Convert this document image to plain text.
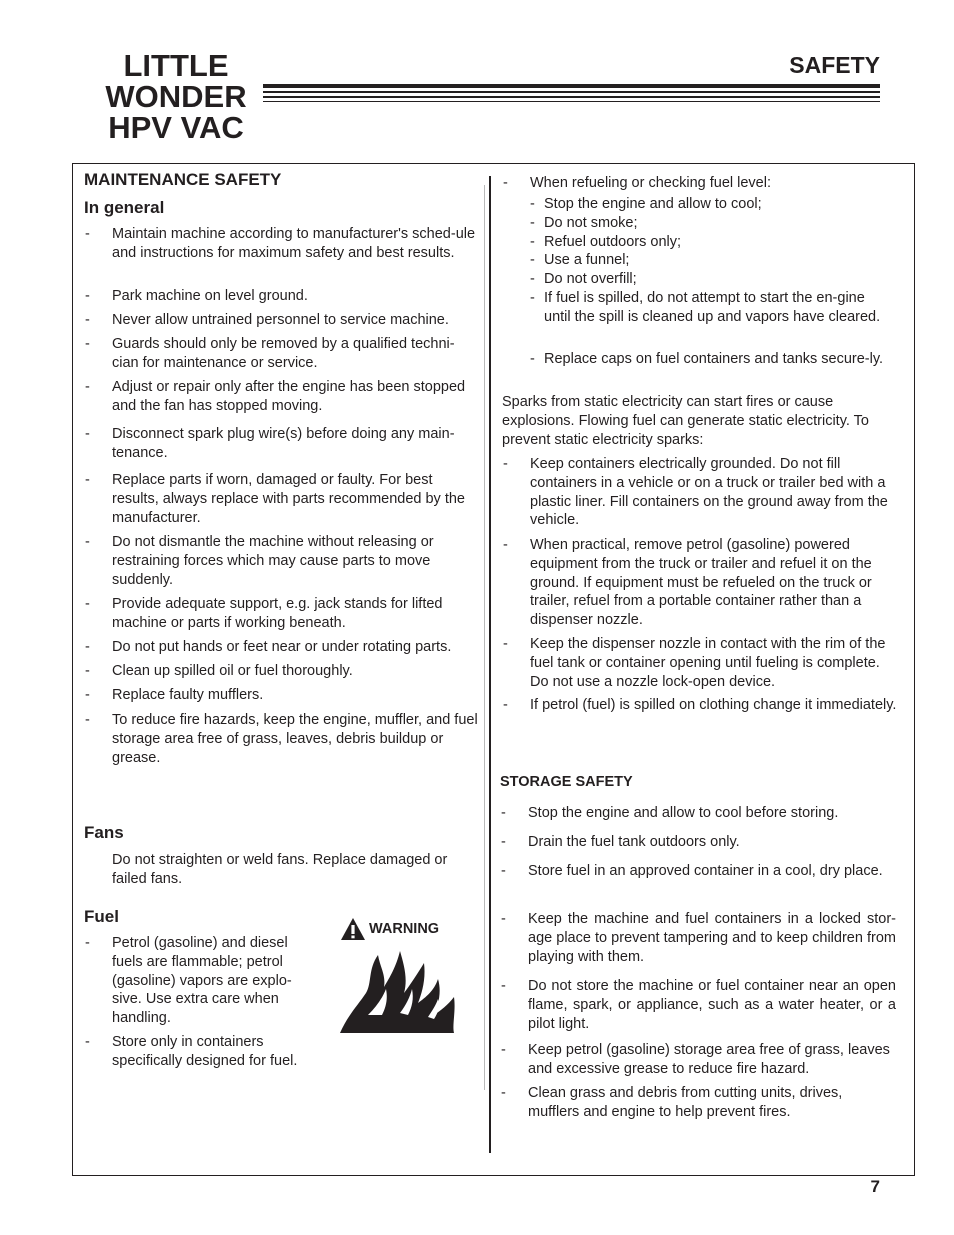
LITTLE
WONDER
HPV VAC
SAFETY
MAINTENANCE SAFETY
In general
- Maintain machine according to manufacturer's sched-ule and instructions for maximum safety and best results.
- Park machine on level ground.
- Never allow untrained personnel to service machine.
- Guards should only be removed by a qualified techni-cian for maintenance or service.
- Adjust or repair only after the engine has been stopped and the fan has stopped moving.
- Disconnect spark plug wire(s) before doing any main-tenance.
- Replace parts if worn, damaged or faulty. For best results, always replace with parts recommended by the manufacturer.
- Do not dismantle the machine without releasing or restraining forces which may cause parts to move suddenly.
- Provide adequate support, e.g. jack stands for lifted machine or parts if working beneath.
- Do not put hands or feet near or under rotating parts.
- Clean up spilled oil or fuel thoroughly.
- Replace faulty mufflers.
- To reduce fire hazards, keep the engine, muffler, and fuel storage area free of grass, leaves, debris buildup or grease.
Fans
Do not straighten or weld fans. Replace damaged or failed fans.
Fuel
- Petrol (gasoline) and diesel fuels are flammable; petrol (gasoline) vapors are explo-sive. Use extra care when handling.
- Store only in containers specifically designed for fuel.
WARNING
- When refueling or checking fuel level:
- Stop the engine and allow to cool;
- Do not smoke;
- Refuel outdoors only;
- Use a funnel;
- Do not overfill;
- If fuel is spilled, do not attempt to start the en-gine until the spill is cleaned up and vapors have cleared.
- Replace caps on fuel containers and tanks secure-ly.
Sparks from static electricity can start fires or cause explosions. Flowing fuel can generate static electricity. To prevent static electricity sparks:
- Keep containers electrically grounded. Do not fill containers in a vehicle or on a truck or trailer bed with a plastic liner. Fill containers on the ground away from the vehicle.
- When practical, remove petrol (gasoline) powered equipment from the truck or trailer and refuel it on the ground. If equipment must be refueled on the truck or trailer, refuel from a portable container rather than a dispenser nozzle.
- Keep the dispenser nozzle in contact with the rim of the fuel tank or container opening until fueling is complete. Do not use a nozzle lock-open device.
- If petrol (fuel) is spilled on clothing change it immediately.
STORAGE SAFETY
- Stop the engine and allow to cool before storing.
- Drain the fuel tank outdoors only.
- Store fuel in an approved container in a cool, dry place.
- Keep the machine and fuel containers in a locked stor-age place to prevent tampering and to keep children from playing with them.
- Do not store the machine or fuel container near an open flame, spark, or appliance, such as a water heater, or a pilot light.
- Keep petrol (gasoline) storage area free of grass, leaves and excessive grease to reduce fire hazard.
- Clean grass and debris from cutting units, drives, mufflers and engine to help prevent fires.
7
